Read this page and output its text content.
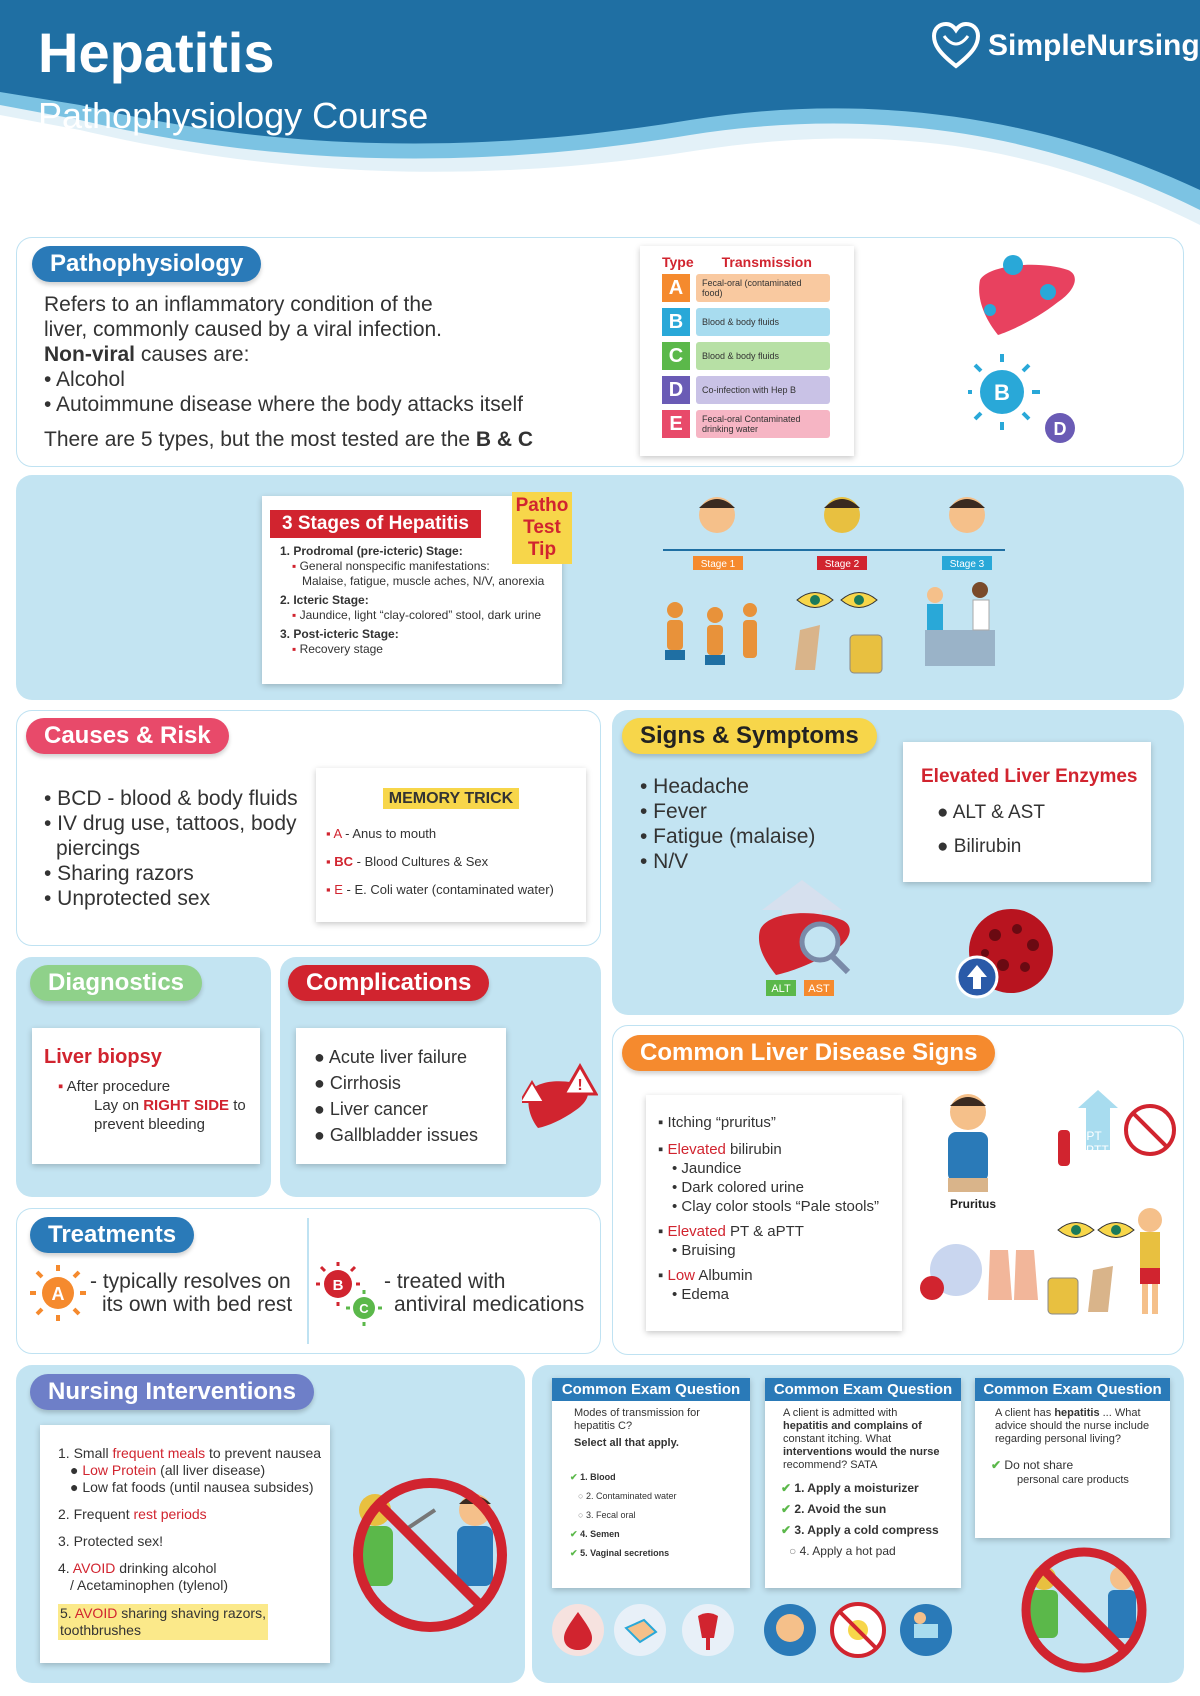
Hepatitis
Pathophysiology Course
SimpleNursing
Pathophysiology
Refers to an inflammatory condition of the
liver, commonly caused by a viral infection.
Non-viral causes are:
• Alcohol
• Autoimmune disease where the body attacks itself
There are 5 types, but the most tested are the B & C
Type Transmission
A	Fecal-oral (contaminated food)
B	Blood & body fluids
C	Blood & body fluids
D	Co-infection with Hep B
E	Fecal-oral Contaminated drinking water
B
D
3 Stages of Hepatitis
1. Prodromal (pre-icteric) Stage:
▪ General nonspecific manifestations:
Malaise, fatigue, muscle aches, N/V, anorexia
2. Icteric Stage:
▪ Jaundice, light “clay-colored” stool, dark urine
3. Post-icteric Stage:
▪ Recovery stage
Patho Test Tip
Stage 1	Stage 2	Stage 3
Causes & Risk
• BCD - blood & body fluids
• IV drug use, tattoos, body
piercings
• Sharing razors
• Unprotected sex
MEMORY TRICK
▪ A - Anus to mouth
▪ BC - Blood Cultures & Sex
▪ E - E. Coli water (contaminated water)
Signs & Symptoms
• Headache
• Fever
• Fatigue (malaise)
• N/V
Elevated Liver Enzymes
● ALT & AST
● Bilirubin
ALT AST
Diagnostics
Liver biopsy
▪ After procedure
Lay on RIGHT SIDE to
prevent bleeding
Complications
● Acute liver failure
● Cirrhosis
● Liver cancer
● Gallbladder issues
!
Common Liver Disease Signs
▪ Itching “pruritus”
▪ Elevated bilirubin
• Jaundice
• Dark colored urine
• Clay color stools “Pale stools”
▪ Elevated PT & aPTT
• Bruising
▪ Low Albumin
• Edema
Pruritus
PT
aPTT
Treatments
A
- typically resolves on
its own with bed rest
B
C
- treated with
antiviral medications
Nursing Interventions
1. Small frequent meals to prevent nausea
● Low Protein (all liver disease)
● Low fat foods (until nausea subsides)
2. Frequent rest periods
3. Protected sex!
4. AVOID drinking alcohol
/ Acetaminophen (tylenol)
5. AVOID sharing shaving razors,
toothbrushes
Common Exam Question
Modes of transmission for
hepatitis C?
Select all that apply.
✔ 1. Blood
○ 2. Contaminated water
○ 3. Fecal oral
✔ 4. Semen
✔ 5. Vaginal secretions
Common Exam Question
A client is admitted with
hepatitis and complains of
constant itching. What
interventions would the nurse
recommend? SATA
✔ 1. Apply a moisturizer
✔ 2. Avoid the sun
✔ 3. Apply a cold compress
○ 4. Apply a hot pad
Common Exam Question
A client has hepatitis ... What
advice should the nurse include
regarding personal living?
✔ Do not share
personal care products
